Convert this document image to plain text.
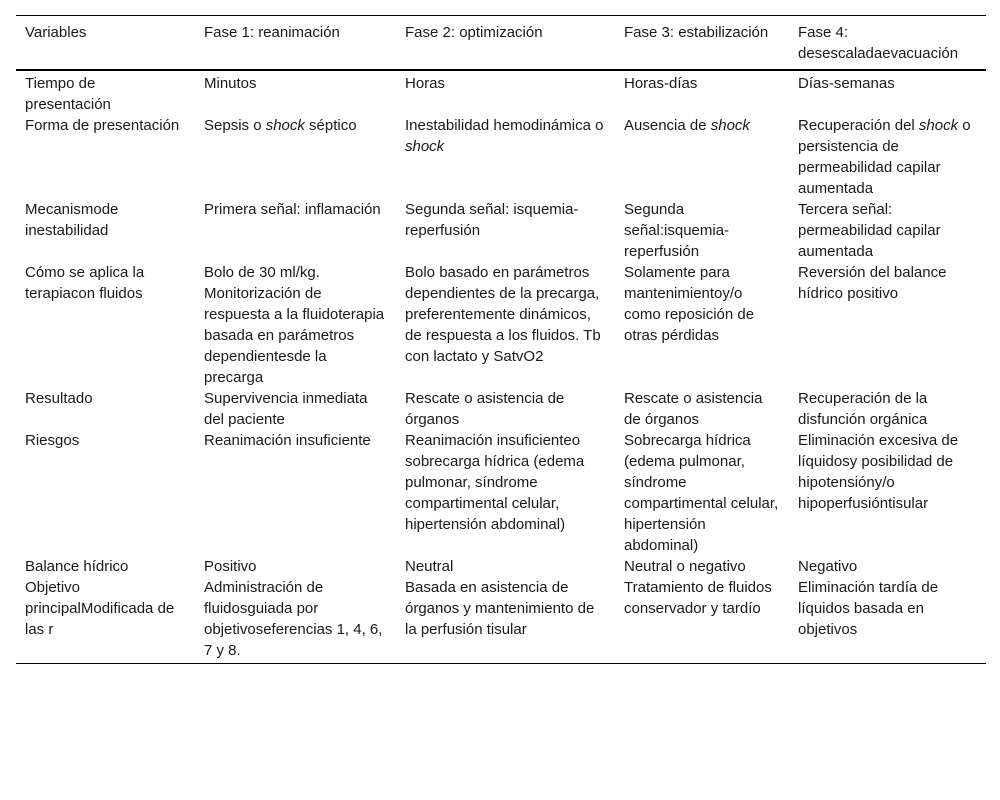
Variables	Fase 1: reanimación	Fase 2: optimización	Fase 3: estabilización	Fase 4: desescaladaevacuación
Tiempo de presentación	Minutos	Horas	Horas-días	Días-semanas
Forma de presentación	Sepsis o shock séptico	Inestabilidad hemodinámica o shock	Ausencia de shock	Recuperación del shock o persistencia de permeabilidad capilar aumentada
Mecanismode inestabilidad	Primera señal: inflamación	Segunda señal: isquemia-reperfusión	Segunda señal:isquemia-reperfusión	Tercera señal: permeabilidad capilar aumentada
Cómo se aplica la terapiacon fluidos	Bolo de 30 ml/kg. Monitorización de respuesta a la fluidoterapia basada en parámetros dependientesde la precarga	Bolo basado en parámetros dependientes de la precarga, preferentemente dinámicos, de respuesta a los fluidos. Tb con lactato y SatvO2	Solamente para mantenimientoy/o como reposición de otras pérdidas	Reversión del balance hídrico positivo
Resultado	Supervivencia inmediata del paciente	Rescate o asistencia de órganos	Rescate o asistencia de órganos	Recuperación de la disfunción orgánica
Riesgos	Reanimación insuficiente	Reanimación insuficienteo sobrecarga hídrica (edema pulmonar, síndrome compartimental celular, hipertensión abdominal)	Sobrecarga hídrica (edema pulmonar, síndrome compartimental celular, hipertensión abdominal)	Eliminación excesiva de líquidosy posibilidad de hipotensióny/o hipoperfusióntisular
Balance hídrico	Positivo	Neutral	Neutral o negativo	Negativo
Objetivo principalModificada de las r	Administración de fluidosguiada por objetivoseferencias 1, 4, 6, 7 y 8.	Basada en asistencia de órganos y mantenimiento de la perfusión tisular	Tratamiento de fluidos conservador y tardío	Eliminación tardía de líquidos basada en objetivos
